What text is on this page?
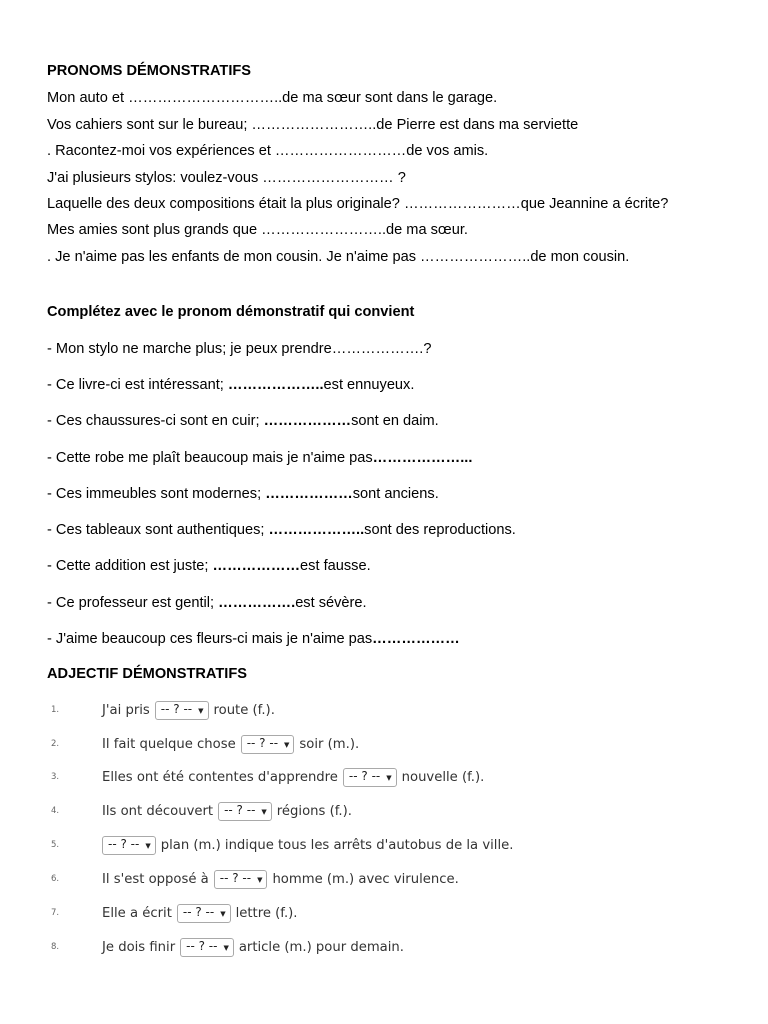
PRONOMS DÉMONSTRATIFS
Mon auto et …………………………..de ma sœur sont dans le garage.
Vos cahiers sont sur le bureau; ……………………..de Pierre est dans ma serviette
. Racontez-moi vos expériences et ………………………de vos amis.
J'ai plusieurs stylos: voulez-vous ……………………… ?
Laquelle des deux compositions était la plus originale? ……………………que Jeannine a écrite?
Mes amies sont plus grands que ……………………..de ma sœur.
. Je n'aime pas les enfants de mon cousin. Je n'aime pas …………………..de mon cousin.
Complétez avec le pronom démonstratif qui convient
- Mon stylo ne marche plus; je peux prendre……………….?
- Ce livre-ci est intéressant; ………………..est ennuyeux.
- Ces chaussures-ci sont en cuir; ………………sont en daim.
- Cette robe me plaît beaucoup mais je n'aime pas………………...
- Ces immeubles sont modernes; ………………sont anciens.
- Ces tableaux sont authentiques; ………………..sont des reproductions.
- Cette addition est juste; ………………est fausse.
- Ce professeur est gentil; …………….est sévère.
- J'aime beaucoup ces fleurs-ci mais je n'aime pas………………
ADJECTIF DÉMONSTRATIFS
1.	J'ai pris -- ? -- ▼ route (f.).
2.	Il fait quelque chose -- ? -- ▼ soir (m.).
3.	Elles ont été contentes d'apprendre -- ? -- ▼ nouvelle (f.).
4.	Ils ont découvert -- ? -- ▼ régions (f.).
5.	-- ? -- ▼ plan (m.) indique tous les arrêts d'autobus de la ville.
6.	Il s'est opposé à -- ? -- ▼ homme (m.) avec virulence.
7.	Elle a écrit -- ? -- ▼ lettre (f.).
8.	Je dois finir -- ? -- ▼ article (m.) pour demain.
